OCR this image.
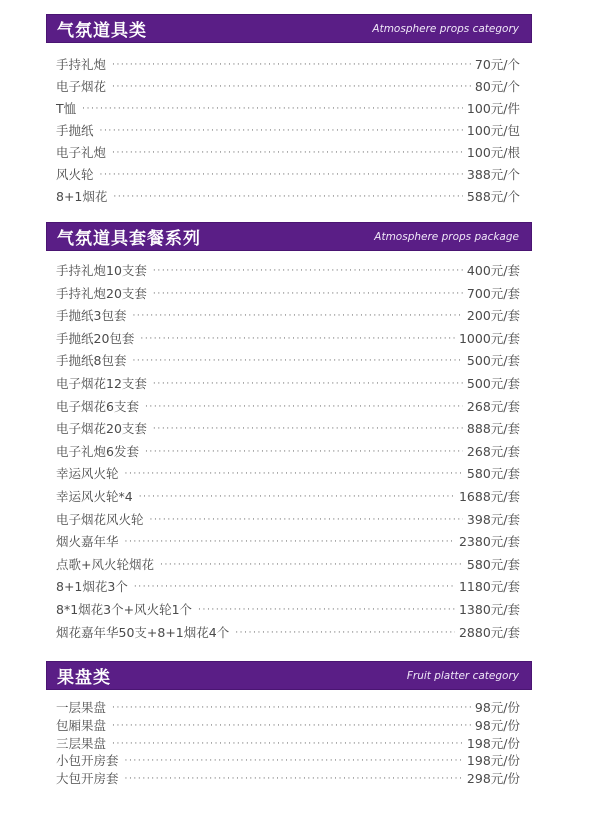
气氛道具类	Atmosphere props category
手持礼炮 ·····	70元/个
电子烟花 ·····	80元/个
T恤 ·····	100元/件
手抛纸 ·····	100元/包
电子礼炮 ·····	100元/根
风火轮 ·····	388元/个
8+1烟花 ·····	588元/个
气氛道具套餐系列	Atmosphere props package
手持礼炮10支套 ·····	400元/套
手持礼炮20支套 ·····	700元/套
手抛纸3包套 ·····	200元/套
手抛纸20包套 ·····	1000元/套
手抛纸8包套 ·····	500元/套
电子烟花12支套 ·····	500元/套
电子烟花6支套 ·····	268元/套
电子烟花20支套 ·····	888元/套
电子礼炮6发套 ·····	268元/套
幸运风火轮 ·····	580元/套
幸运风火轮*4 ·····	1688元/套
电子烟花风火轮 ·····	398元/套
烟火嘉年华 ·····	2380元/套
点歌+风火轮烟花 ·····	580元/套
8+1烟花3个 ·····	1180元/套
8*1烟花3个+风火轮1个 ·····	1380元/套
烟花嘉年华50支+8+1烟花4个 ·····	2880元/套
果盘类	Fruit platter category
一层果盘 ·····	98元/份
包厢果盘 ·····	98元/份
三层果盘 ·····	198元/份
小包开房套 ·····	198元/份
大包开房套 ·····	298元/份
